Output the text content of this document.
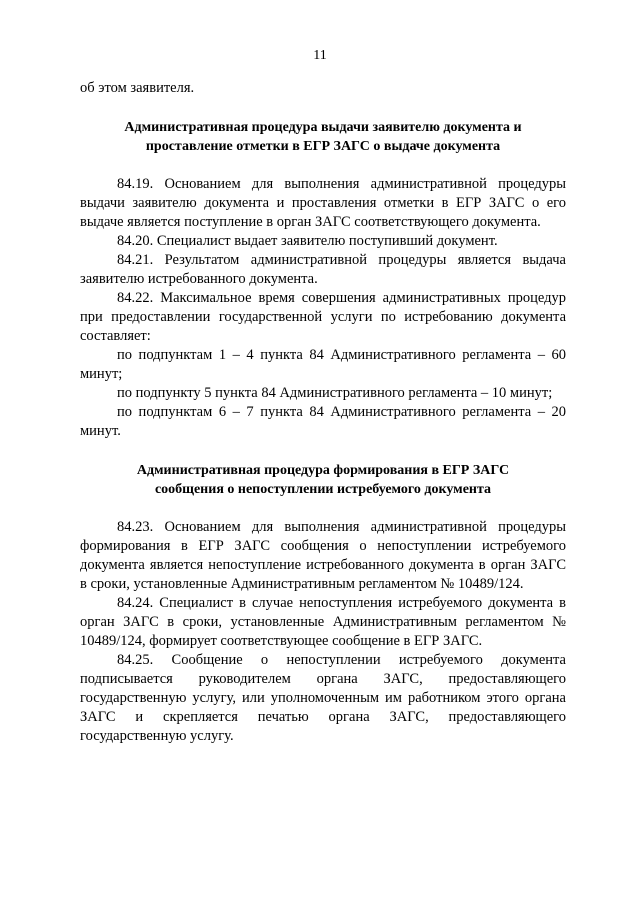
11

об этом заявителя.

Административная процедура выдачи заявителю документа и
проставление отметки в ЕГР ЗАГС о выдаче документа

84.19. Основанием для выполнения административной процедуры выдачи заявителю документа и проставления отметки в ЕГР ЗАГС о его выдаче является поступление в орган ЗАГС соответствующего документа.

84.20. Специалист выдает заявителю поступивший документ.

84.21. Результатом административной процедуры является выдача заявителю истребованного документа.

84.22. Максимальное время совершения административных процедур при предоставлении государственной услуги по истребованию документа составляет:

по подпунктам 1 – 4 пункта 84 Административного регламента – 60 минут;

по подпункту 5 пункта 84 Административного регламента – 10 минут;

по подпунктам 6 – 7 пункта 84 Административного регламента – 20 минут.

Административная процедура формирования в ЕГР ЗАГС
сообщения о непоступлении истребуемого документа

84.23. Основанием для выполнения административной процедуры формирования в ЕГР ЗАГС сообщения о непоступлении истребуемого документа является непоступление истребованного документа в орган ЗАГС в сроки, установленные Административным регламентом № 10489/124.

84.24. Специалист в случае непоступления истребуемого документа в орган ЗАГС в сроки, установленные Административным регламентом № 10489/124, формирует соответствующее сообщение в ЕГР ЗАГС.

84.25. Сообщение о непоступлении истребуемого документа подписывается руководителем органа ЗАГС, предоставляющего государственную услугу, или уполномоченным им работником этого органа ЗАГС и скрепляется печатью органа ЗАГС, предоставляющего государственную услугу.
